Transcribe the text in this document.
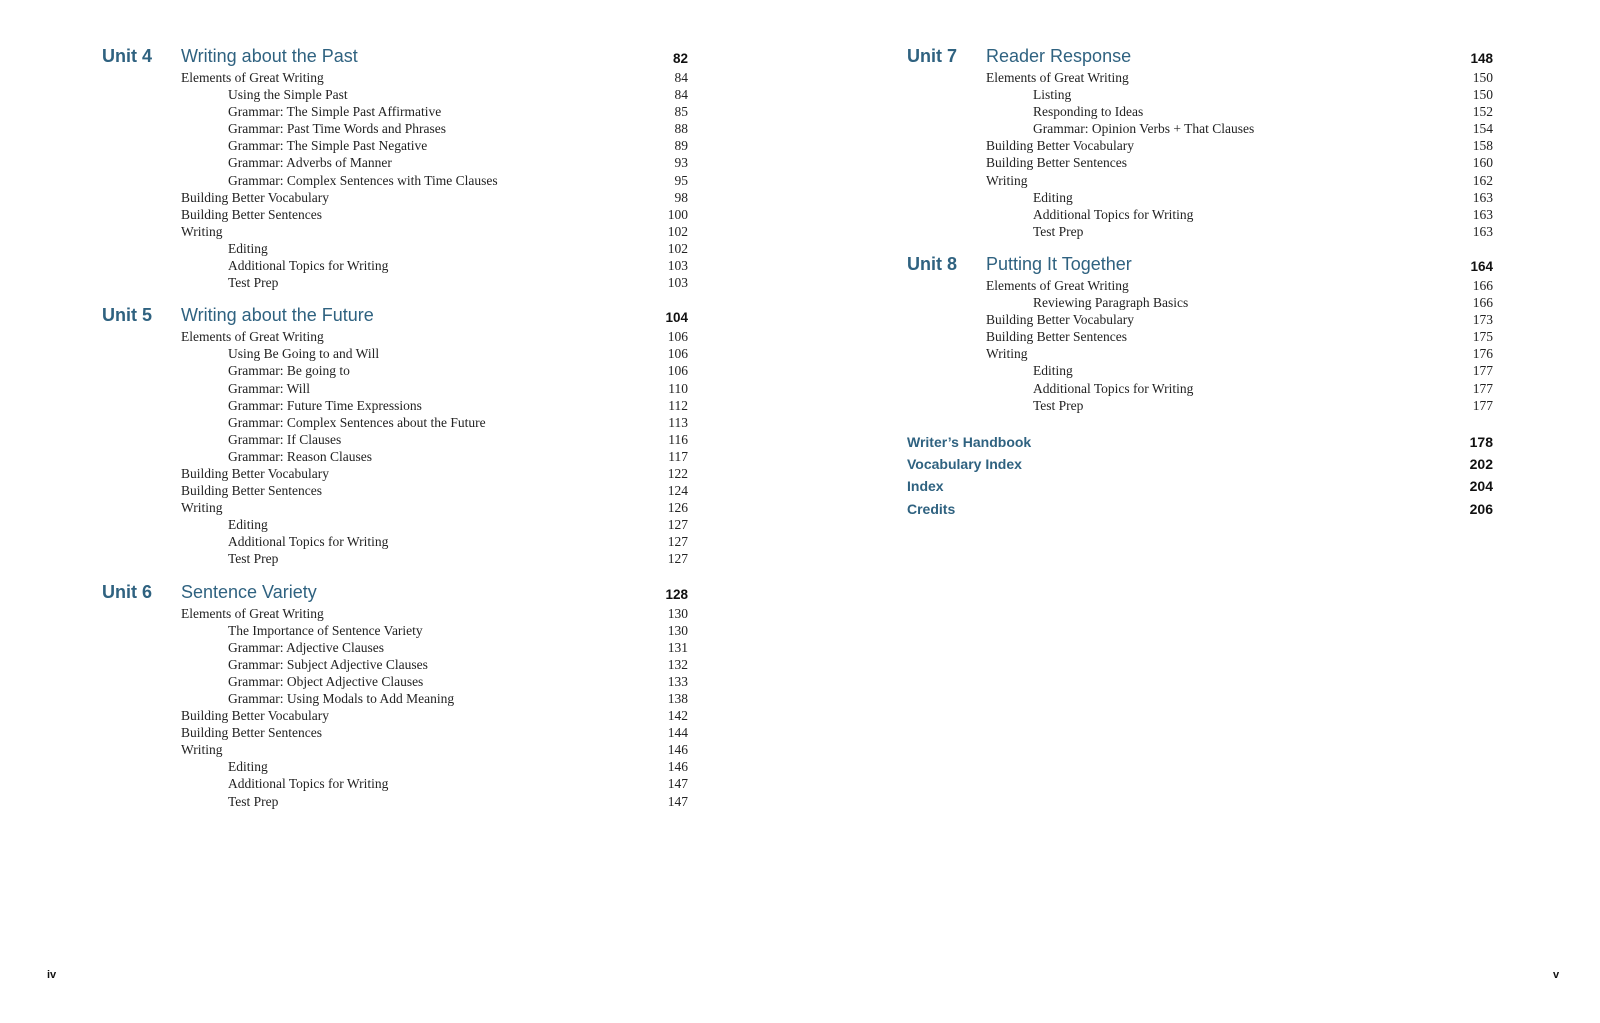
Unit 4 Writing about the Past	82
Elements of Great Writing	84
Using the Simple Past	84
Grammar: The Simple Past Affirmative	85
Grammar: Past Time Words and Phrases	88
Grammar: The Simple Past Negative	89
Grammar: Adverbs of Manner	93
Grammar: Complex Sentences with Time Clauses	95
Building Better Vocabulary	98
Building Better Sentences	100
Writing	102
Editing	102
Additional Topics for Writing	103
Test Prep	103
Unit 5 Writing about the Future	104
Elements of Great Writing	106
Using Be Going to and Will	106
Grammar: Be going to	106
Grammar: Will	110
Grammar: Future Time Expressions	112
Grammar: Complex Sentences about the Future	113
Grammar: If Clauses	116
Grammar: Reason Clauses	117
Building Better Vocabulary	122
Building Better Sentences	124
Writing	126
Editing	127
Additional Topics for Writing	127
Test Prep	127
Unit 6 Sentence Variety	128
Elements of Great Writing	130
The Importance of Sentence Variety	130
Grammar: Adjective Clauses	131
Grammar: Subject Adjective Clauses	132
Grammar: Object Adjective Clauses	133
Grammar: Using Modals to Add Meaning	138
Building Better Vocabulary	142
Building Better Sentences	144
Writing	146
Editing	146
Additional Topics for Writing	147
Test Prep	147
Unit 7 Reader Response	148
Elements of Great Writing	150
Listing	150
Responding to Ideas	152
Grammar: Opinion Verbs + That Clauses	154
Building Better Vocabulary	158
Building Better Sentences	160
Writing	162
Editing	163
Additional Topics for Writing	163
Test Prep	163
Unit 8 Putting It Together	164
Elements of Great Writing	166
Reviewing Paragraph Basics	166
Building Better Vocabulary	173
Building Better Sentences	175
Writing	176
Editing	177
Additional Topics for Writing	177
Test Prep	177
Writer’s Handbook	178
Vocabulary Index	202
Index	204
Credits	206
iv	v
